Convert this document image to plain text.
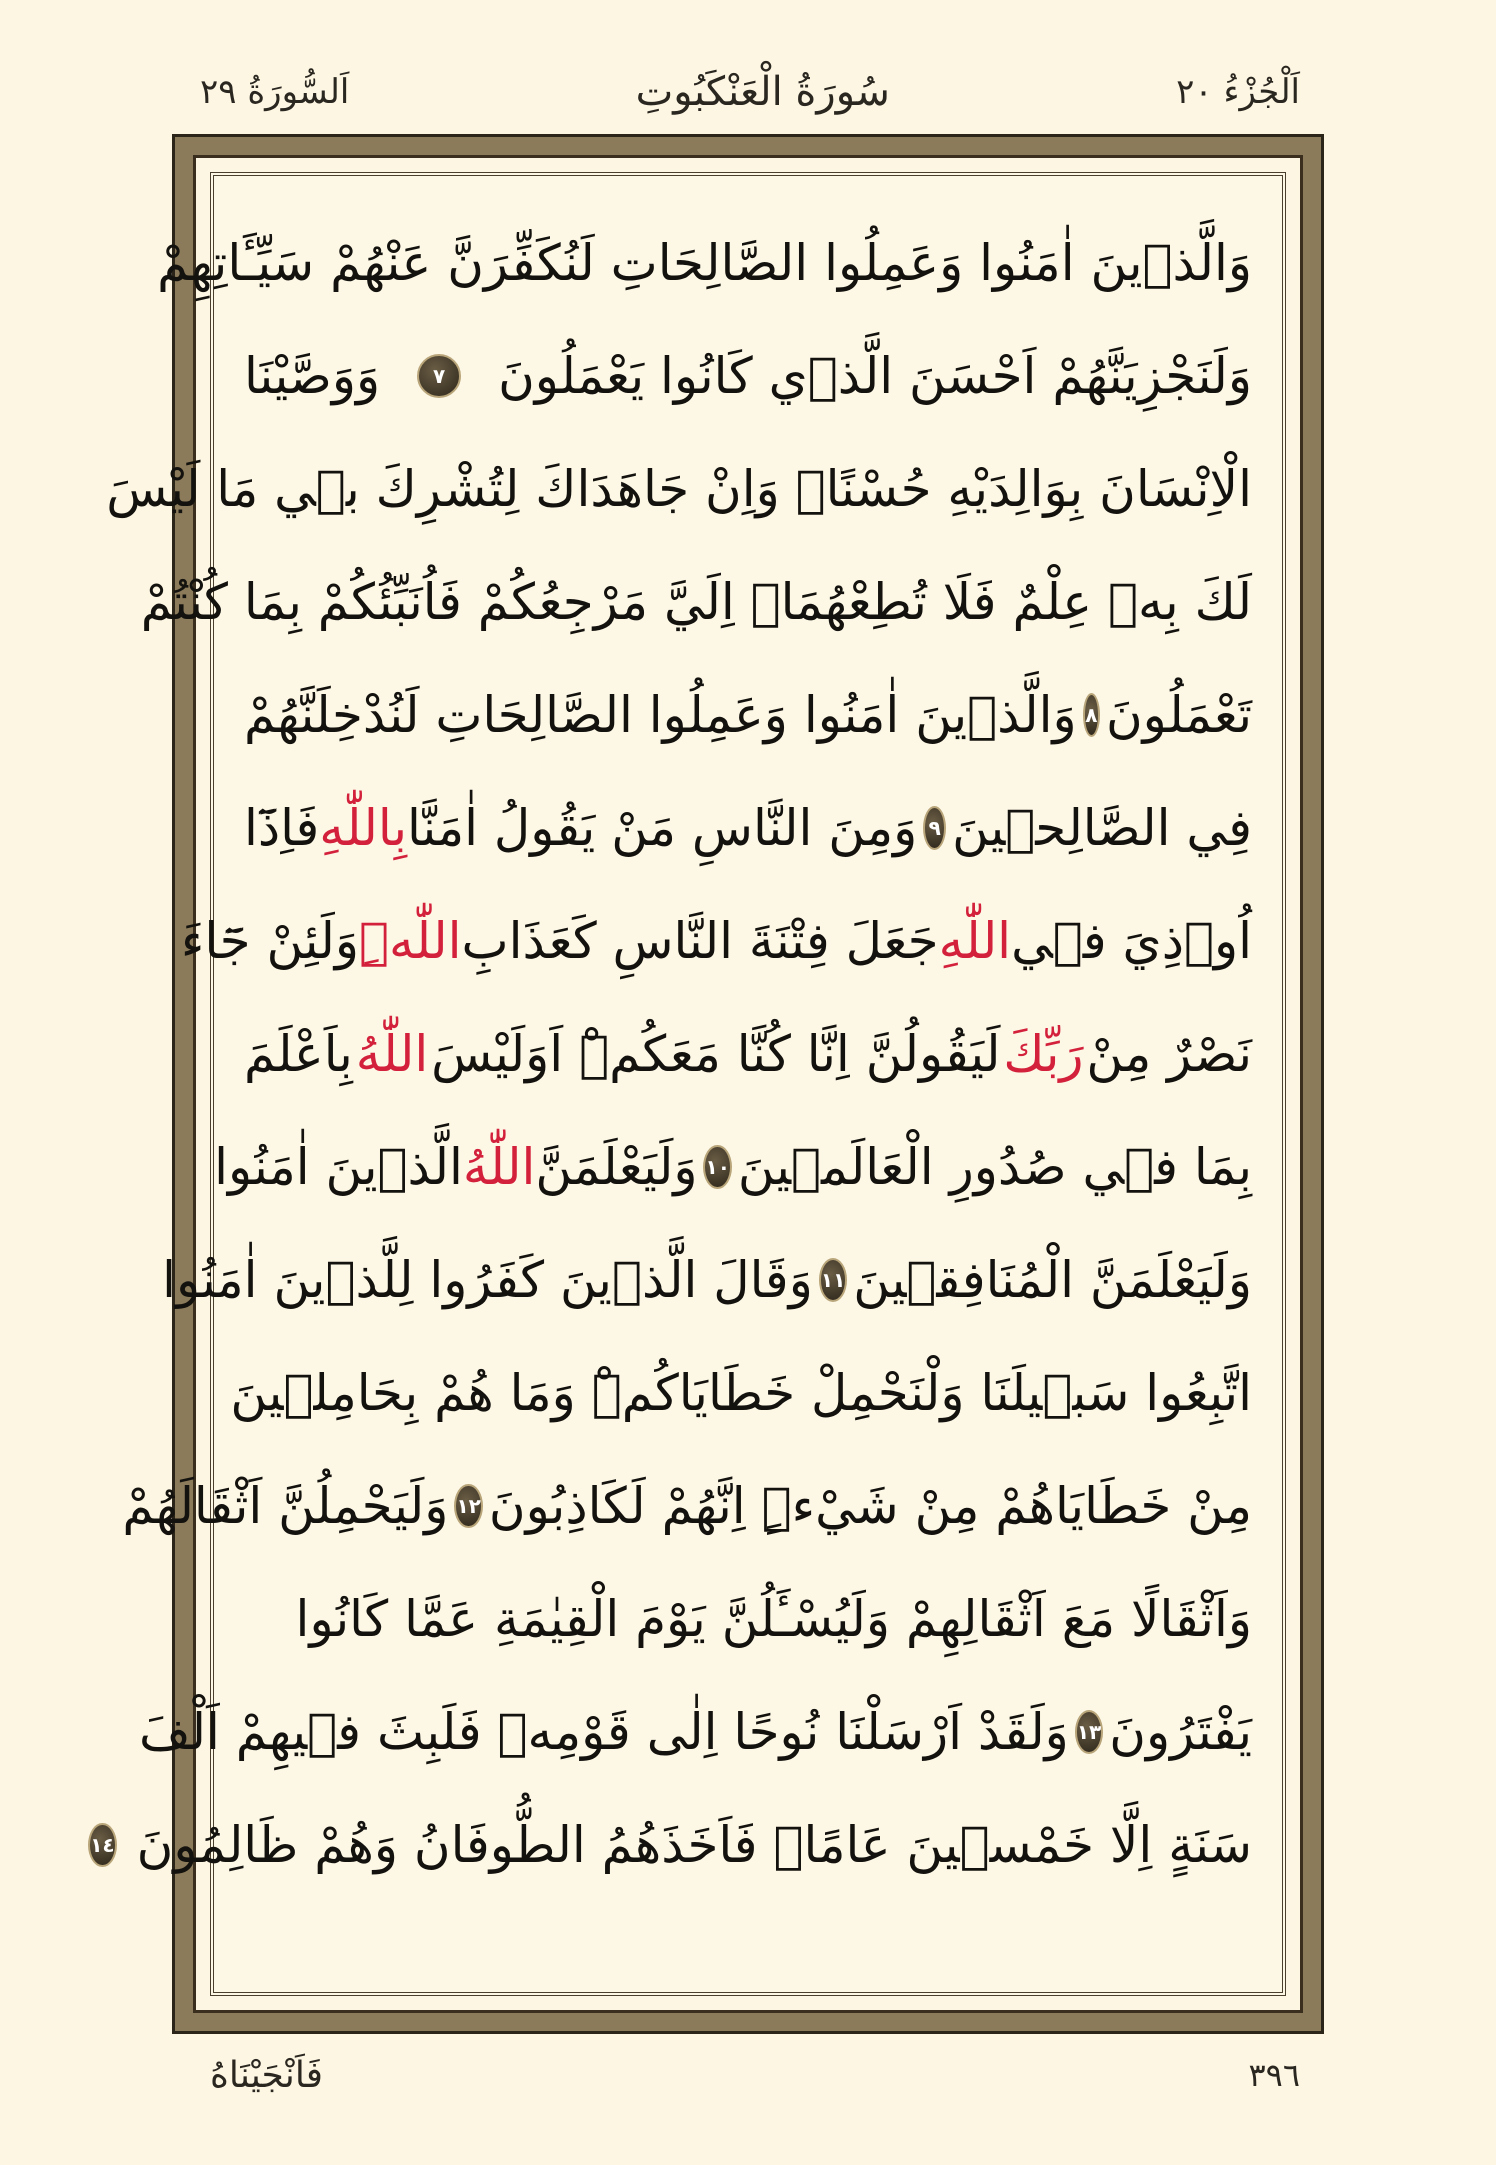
اَلْجُزْءُ ٢٠
سُورَةُ الْعَنْكَبُوتِ
اَلسُّورَةُ ٢٩
وَالَّذ۪ينَ اٰمَنُوا وَعَمِلُوا الصَّالِحَاتِ لَنُكَفِّرَنَّ عَنْهُمْ سَيِّـَٔاتِهِمْ
وَلَنَجْزِيَنَّهُمْ اَحْسَنَ الَّذ۪ي كَانُوا يَعْمَلُونَ
٧
وَوَصَّيْنَا
الْاِنْسَانَ بِوَالِدَيْهِ حُسْنًاۜ وَاِنْ جَاهَدَاكَ لِتُشْرِكَ ب۪ي مَا لَيْسَ
لَكَ بِه۪ عِلْمٌ فَلَا تُطِعْهُمَاۜ اِلَيَّ مَرْجِعُكُمْ فَاُنَبِّئُكُمْ بِمَا كُنْتُمْ
تَعْمَلُونَ
٨
وَالَّذ۪ينَ اٰمَنُوا وَعَمِلُوا الصَّالِحَاتِ لَنُدْخِلَنَّهُمْ
فِي الصَّالِح۪ينَ
٩
وَمِنَ النَّاسِ مَنْ يَقُولُ اٰمَنَّا
بِاللّٰهِ
فَاِذَٓا
اُو۫ذِيَ ف۪ي
اللّٰهِ
جَعَلَ فِتْنَةَ النَّاسِ كَعَذَابِ
اللّٰهِۜ
وَلَئِنْ جَٓاءَ
نَصْرٌ مِنْ
رَبِّكَ
لَيَقُولُنَّ اِنَّا كُنَّا مَعَكُمْۜ اَوَلَيْسَ
اللّٰهُ
بِاَعْلَمَ
بِمَا ف۪ي صُدُورِ الْعَالَم۪ينَ
١٠
وَلَيَعْلَمَنَّ
اللّٰهُ
الَّذ۪ينَ اٰمَنُوا
وَلَيَعْلَمَنَّ الْمُنَافِق۪ينَ
١١
وَقَالَ الَّذ۪ينَ كَفَرُوا لِلَّذ۪ينَ اٰمَنُوا
اتَّبِعُوا سَب۪يلَنَا وَلْنَحْمِلْ خَطَايَاكُمْۜ وَمَا هُمْ بِحَامِل۪ينَ
مِنْ خَطَايَاهُمْ مِنْ شَيْءٍۜ اِنَّهُمْ لَكَاذِبُونَ
١٢
وَلَيَحْمِلُنَّ اَثْقَالَهُمْ
وَاَثْقَالًا مَعَ اَثْقَالِهِمْ وَلَيُسْـَٔلُنَّ يَوْمَ الْقِيٰمَةِ عَمَّا كَانُوا
يَفْتَرُونَ
١٣
وَلَقَدْ اَرْسَلْنَا نُوحًا اِلٰى قَوْمِه۪ فَلَبِثَ ف۪يهِمْ اَلْفَ
سَنَةٍ اِلَّا خَمْس۪ينَ عَامًاۜ فَاَخَذَهُمُ الطُّوفَانُ وَهُمْ ظَالِمُونَ
١٤
فَاَنْجَيْنَاهُ	٣٩٦
